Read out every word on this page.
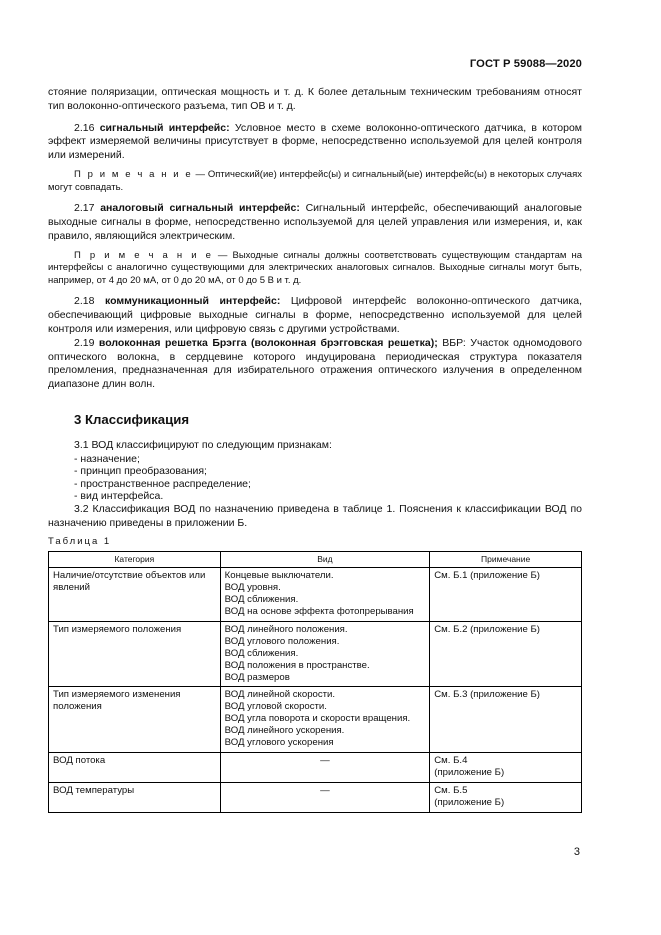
ГОСТ Р 59088—2020

стояние поляризации, оптическая мощность и т. д. К более детальным техническим требованиям относят тип волоконно-оптического разъема, тип ОВ и т. д.

2.16 сигнальный интерфейс: Условное место в схеме волоконно-оптического датчика, в котором эффект измеряемой величины присутствует в форме, непосредственно используемой для целей контроля или измерений.

П р и м е ч а н и е — Оптический(ие) интерфейс(ы) и сигнальный(ые) интерфейс(ы) в некоторых случаях могут совпадать.

2.17 аналоговый сигнальный интерфейс: Сигнальный интерфейс, обеспечивающий аналоговые выходные сигналы в форме, непосредственно используемой для целей управления или измерения, и, как правило, являющийся электрическим.

П р и м е ч а н и е — Выходные сигналы должны соответствовать существующим стандартам на интерфейсы с аналогично существующими для электрических аналоговых сигналов. Выходные сигналы могут быть, например, от 4 до 20 мА, от 0 до 20 мА, от 0 до 5 В и т. д.

2.18 коммуникационный интерфейс: Цифровой интерфейс волоконно-оптического датчика, обеспечивающий цифровые выходные сигналы в форме, непосредственно используемой для целей контроля или измерения, или цифровую связь с другими устройствами.

2.19 волоконная решетка Брэгга (волоконная брэгговская решетка); ВБР: Участок одномодового оптического волокна, в сердцевине которого индуцирована периодическая структура показателя преломления, предназначенная для избирательного отражения оптического излучения в определенном диапазоне длин волн.

3 Классификация

3.1 ВОД классифицируют по следующим признакам:

- назначение;
- принцип преобразования;
- пространственное распределение;
- вид интерфейса.

3.2 Классификация ВОД по назначению приведена в таблице 1. Пояснения к классификации ВОД по назначению приведены в приложении Б.

Таблица 1
Категория	Вид	Примечание
Наличие/отсутствие объектов или явлений	Концевые выключатели.
ВОД уровня.
ВОД сближения.
ВОД на основе эффекта фотопрерывания	См. Б.1 (приложение Б)

Тип измеряемого положения	ВОД линейного положения.
ВОД углового положения.
ВОД сближения.
ВОД положения в пространстве.
ВОД размеров	См. Б.2 (приложение Б)

Тип измеряемого изменения положения	ВОД линейной скорости.
ВОД угловой скорости.
ВОД угла поворота и скорости вращения.
ВОД линейного ускорения.
ВОД углового ускорения	См. Б.3 (приложение Б)

ВОД потока	—	См. Б.4
(приложение Б)

ВОД температуры	—	См. Б.5
(приложение Б)
3
